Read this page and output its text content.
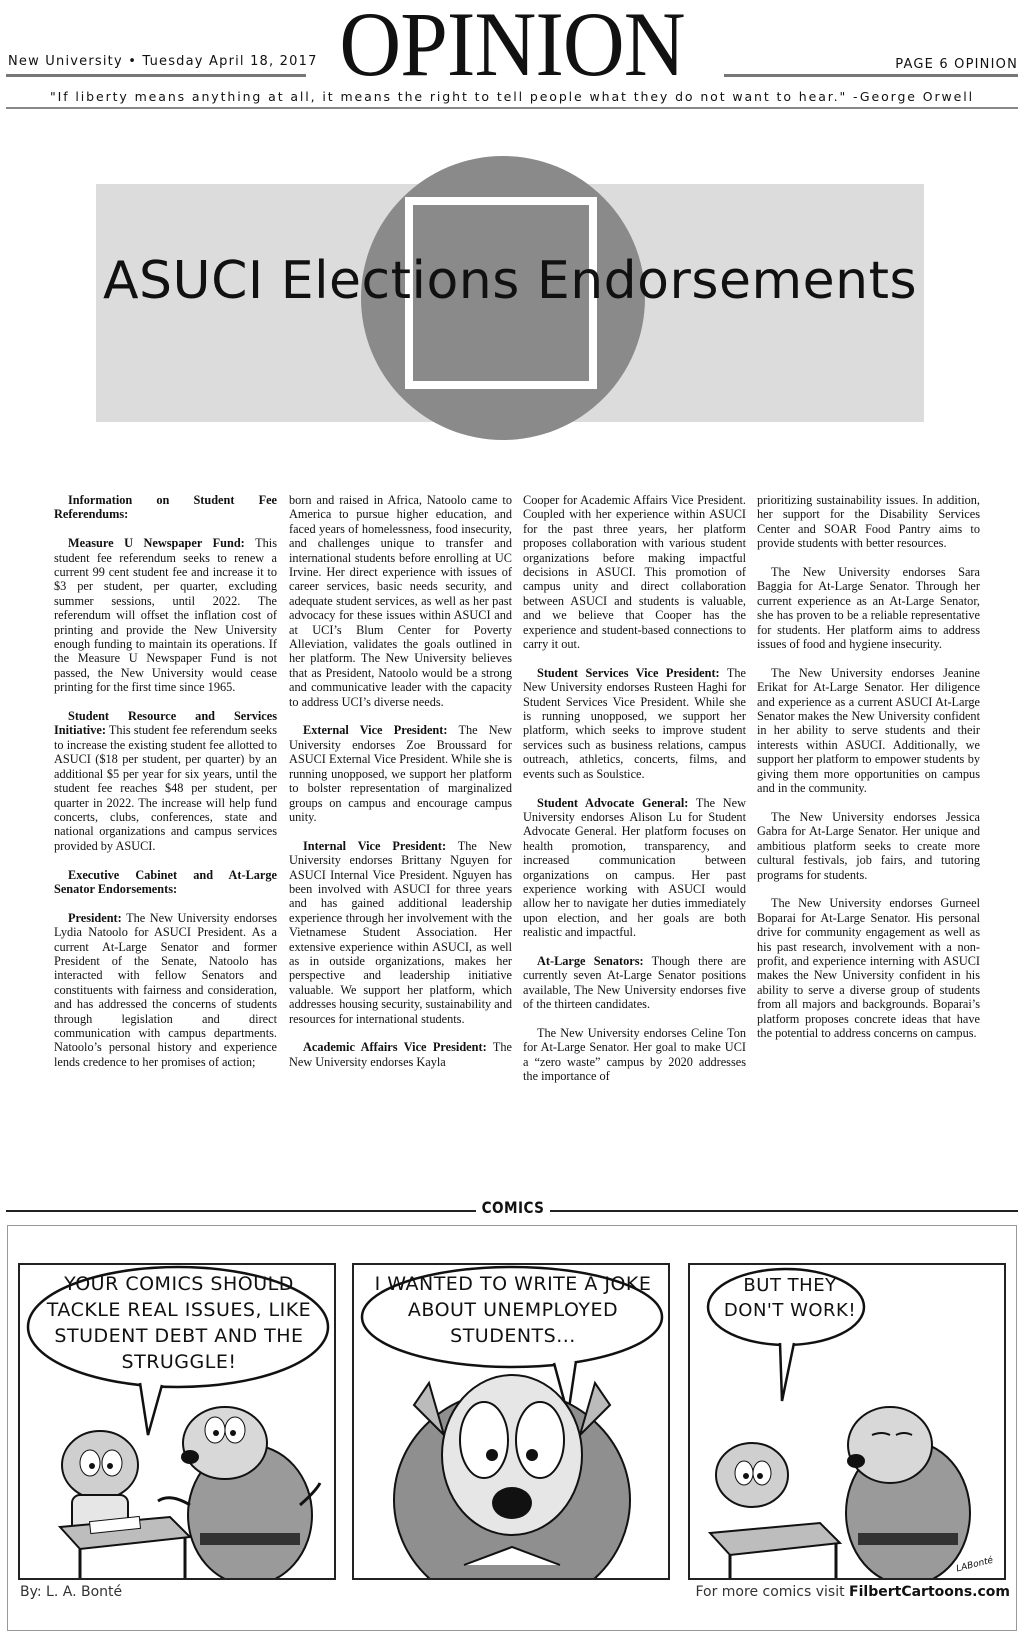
New University • Tuesday April 18, 2017 OPINION	PAGE 6 OPINION
"If liberty means anything at all, it means the right to tell people what they do not want to hear." -George Orwell
ASUCI Elections Endorsements

Information on Student Fee Referendums:

Measure U Newspaper Fund: This student fee referendum seeks to renew a current 99 cent student fee and increase it to $3 per student, per quarter, excluding summer sessions, until 2022. The referendum will offset the inflation cost of printing and provide the New University enough funding to maintain its operations. If the Measure U Newspaper Fund is not passed, the New University would cease printing for the first time since 1965.

Student Resource and Services Initiative: This student fee referendum seeks to increase the existing student fee allotted to ASUCI ($18 per student, per quarter) by an additional $5 per year for six years, until the student fee reaches $48 per student, per quarter in 2022. The increase will help fund concerts, clubs, conferences, state and national organizations and campus services provided by ASUCI.

Executive Cabinet and At-Large Senator Endorsements:

President: The New University endorses Lydia Natoolo for ASUCI President. As a current At-Large Senator and former President of the Senate, Natoolo has interacted with fellow Senators and constituents with fairness and consideration, and has addressed the concerns of students through legislation and direct communication with campus departments. Natoolo’s personal history and experience lends credence to her promises of action;

born and raised in Africa, Natoolo came to America to pursue higher education, and faced years of homelessness, food insecurity, and challenges unique to transfer and international students before enrolling at UC Irvine. Her direct experience with issues of career services, basic needs security, and adequate student services, as well as her past advocacy for these issues within ASUCI and at UCI’s Blum Center for Poverty Alleviation, validates the goals outlined in her platform. The New University believes that as President, Natoolo would be a strong and communicative leader with the capacity to address UCI’s diverse needs.

External Vice President: The New University endorses Zoe Broussard for ASUCI External Vice President. While she is running unopposed, we support her platform to bolster representation of marginalized groups on campus and encourage campus unity.

Internal Vice President: The New University endorses Brittany Nguyen for ASUCI Internal Vice President. Nguyen has been involved with ASUCI for three years and has gained additional leadership experience through her involvement with the Vietnamese Student Association. Her extensive experience within ASUCI, as well as in outside organizations, makes her perspective and leadership initiative valuable. We support her platform, which addresses housing security, sustainability and resources for international students.

Academic Affairs Vice President: The New University endorses Kayla

Cooper for Academic Affairs Vice President. Coupled with her experience within ASUCI for the past three years, her platform proposes collaboration with various student organizations before making impactful decisions in ASUCI. This promotion of campus unity and direct collaboration between ASUCI and students is valuable, and we believe that Cooper has the experience and student-based connections to carry it out.

Student Services Vice President: The New University endorses Rusteen Haghi for Student Services Vice President. While she is running unopposed, we support her platform, which seeks to improve student services such as business relations, campus outreach, athletics, concerts, films, and events such as Soulstice.

Student Advocate General: The New University endorses Alison Lu for Student Advocate General. Her platform focuses on health promotion, transparency, and increased communication between organizations on campus. Her past experience working with ASUCI would allow her to navigate her duties immediately upon election, and her goals are both realistic and impactful.

At-Large Senators: Though there are currently seven At-Large Senator positions available, The New University endorses five of the thirteen candidates.

The New University endorses Celine Ton for At-Large Senator. Her goal to make UCI a “zero waste” campus by 2020 addresses the importance of

prioritizing sustainability issues. In addition, her support for the Disability Services Center and SOAR Food Pantry aims to provide students with better resources.

The New University endorses Sara Baggia for At-Large Senator. Through her current experience as an At-Large Senator, she has proven to be a reliable representative for students. Her platform aims to address issues of food and hygiene insecurity.

The New University endorses Jeanine Erikat for At-Large Senator. Her diligence and experience as a current ASUCI At-Large Senator makes the New University confident in her ability to serve students and their interests within ASUCI. Additionally, we support her platform to empower students by giving them more opportunities on campus and in the community.

The New University endorses Jessica Gabra for At-Large Senator. Her unique and ambitious platform seeks to create more cultural festivals, job fairs, and tutoring programs for students.

The New University endorses Gurneel Boparai for At-Large Senator. His personal drive for community engagement as well as his past research, involvement with a non-profit, and experience interning with ASUCI makes the New University confident in his ability to serve a diverse group of students from all majors and backgrounds. Boparai’s platform proposes concrete ideas that have the potential to address concerns on campus.

COMICS
YOUR COMICS SHOULD TACKLE REAL ISSUES, LIKE STUDENT DEBT AND THE STRUGGLE!
I WANTED TO WRITE A JOKE ABOUT UNEMPLOYED STUDENTS...
BUT THEY DON'T WORK!
LABonté
By: L. A. Bonté	For more comics visit FilbertCartoons.com
